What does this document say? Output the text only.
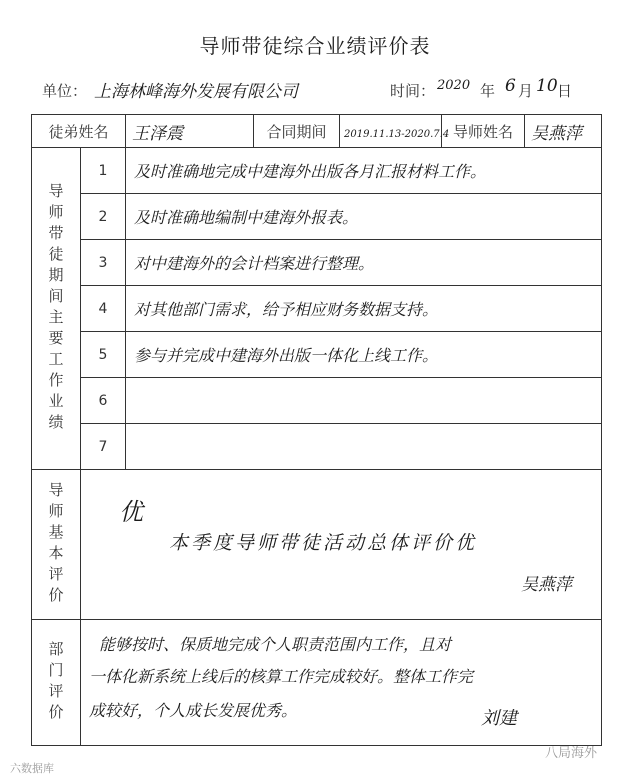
导师带徒综合业绩评价表
单位： 上海林峰海外发展有限公司	时间： 2020 年 6 月 10 日
徒弟姓名		王泽震	合同期间	2019.11.13-2020.7.4	导师姓名	吴燕萍

导师带徒期间主要工作业绩	1	及时准确地完成中建海外出版各月汇报材料工作。				
	2	及时准确地编制中建海外报表。				
	3	对中建海外的会计档案进行整理。				
	4	对其他部门需求，给予相应财务数据支持。				
	5	参与并完成中建海外出版一体化上线工作。				
	6					
	7					

导师基本评价	优
本季度导师带徒活动总体评价优
吴燕萍					

部门评价	能够按时、保质地完成个人职责范围内工作，且对
一体化新系统上线后的核算工作完成较好。整体工作完
成较好，个人成长发展优秀。 刘建					
六数据库
八局海外
